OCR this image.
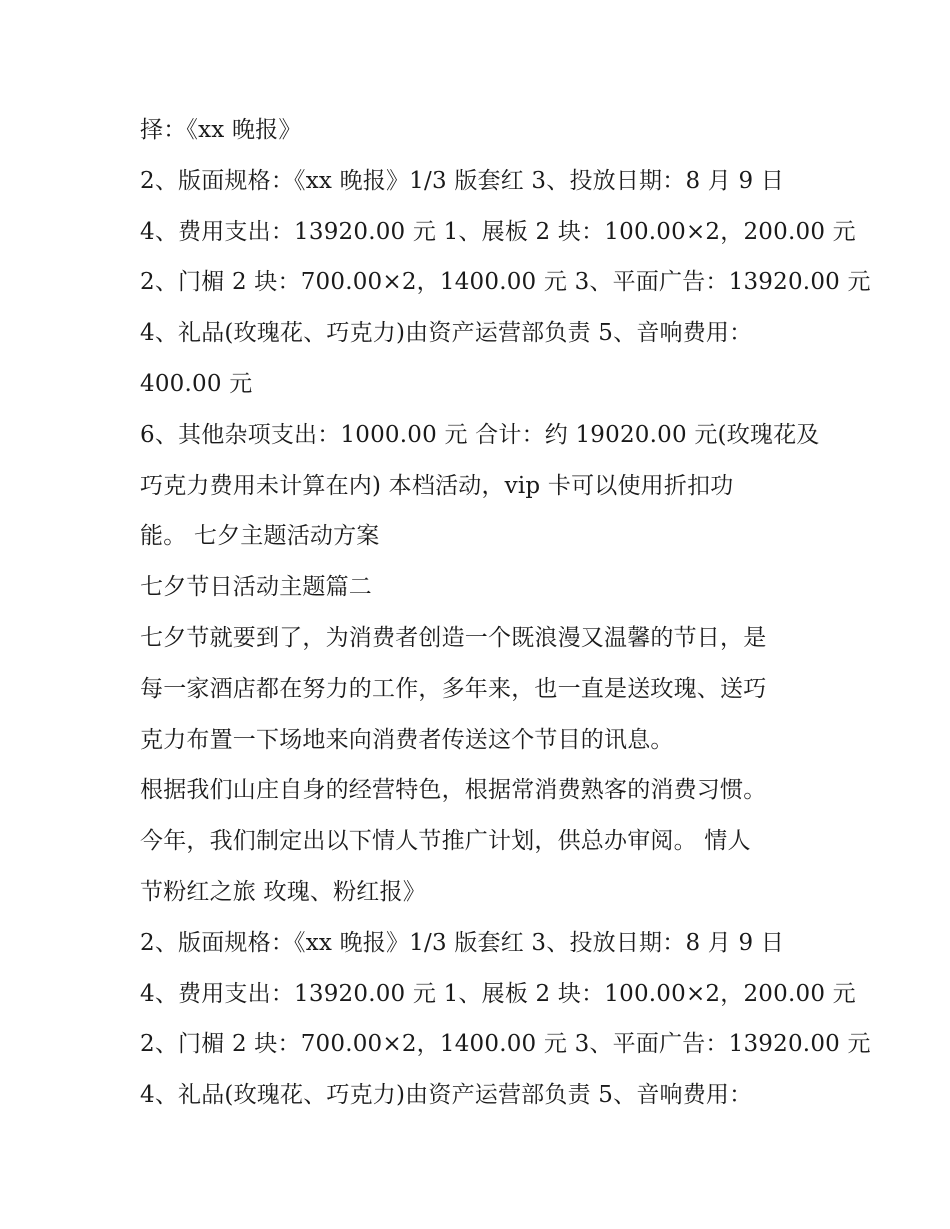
择：《xx 晚报》
2、版面规格：《xx 晚报》1/3 版套红 3、投放日期：8 月 9 日
4、费用支出：13920.00 元 1、展板 2 块：100.00×2，200.00 元
2、门楣 2 块：700.00×2，1400.00 元 3、平面广告：13920.00 元
4、礼品(玫瑰花、巧克力)由资产运营部负责 5、音响费用：
400.00 元
6、其他杂项支出：1000.00 元 合计：约 19020.00 元(玫瑰花及
巧克力费用未计算在内) 本档活动，vip 卡可以使用折扣功
能。 七夕主题活动方案
七夕节日活动主题篇二
七夕节就要到了，为消费者创造一个既浪漫又温馨的节日，是
每一家酒店都在努力的工作，多年来，也一直是送玫瑰、送巧
克力布置一下场地来向消费者传送这个节目的讯息。
根据我们山庄自身的经营特色，根据常消费熟客的消费习惯。
今年，我们制定出以下情人节推广计划，供总办审阅。 情人
节粉红之旅 玫瑰、粉红报》
2、版面规格：《xx 晚报》1/3 版套红 3、投放日期：8 月 9 日
4、费用支出：13920.00 元 1、展板 2 块：100.00×2，200.00 元
2、门楣 2 块：700.00×2，1400.00 元 3、平面广告：13920.00 元
4、礼品(玫瑰花、巧克力)由资产运营部负责 5、音响费用：
